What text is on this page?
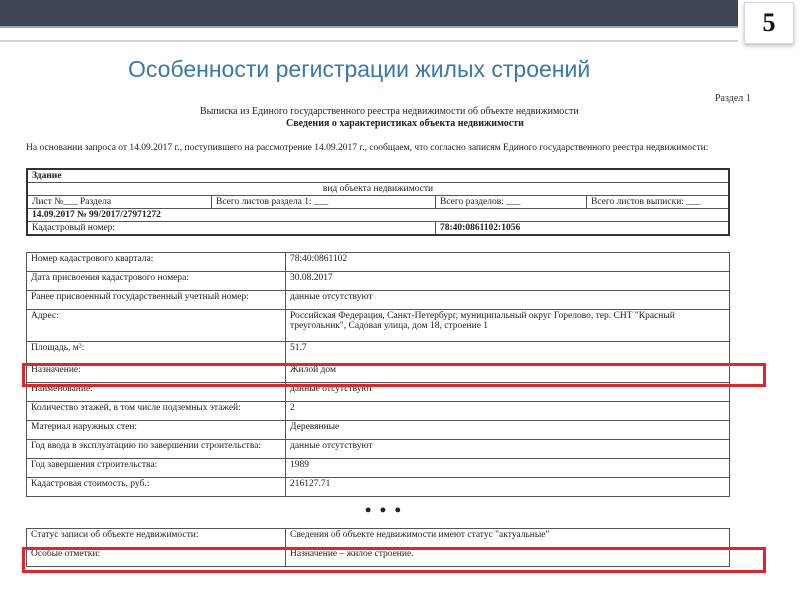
5
Особенности регистрации жилых строений
Раздел 1
Выписка из Единого государственного реестра недвижимости об объекте недвижимости
Сведения о характеристиках объекта недвижимости
На основании запроса от 14.09.2017 г., поступившего на рассмотрение 14.09.2017 г., сообщаем, что согласно записям Единого государственного реестра недвижимости:
Здание			
вид объекта недвижимости			
Лист №___ Раздела	Всего листов раздела 1: ___	Всего разделов: ___	Всего листов выписки: ___
14.09.2017 № 99/2017/27971272			
Кадастровый номер:		78:40:0861102:1056	
Номер кадастрового квартала:	78:40:0861102
Дата присвоения кадастрового номера:	30.08.2017
Ранее присвоенный государственный учетный номер:	данные отсутствуют
Адрес:	Российская Федерация, Санкт-Петербург, муниципальный округ Горелово, тер. СНТ "Красный треугольник", Садовая улица, дом 18, строение 1
Площадь, м²:	51.7
Назначение:	Жилой дом
Наименование:	данные отсутствуют
Количество этажей, в том числе подземных этажей:	2
Материал наружных стен:	Деревянные
Год ввода в эксплуатацию по завершении строительства:	данные отсутствуют
Год завершения строительства:	1989
Кадастровая стоимость, руб.:	216127.71
• • •
Статус записи об объекте недвижимости:	Сведения об объекте недвижимости имеют статус "актуальные"
Особые отметки:	Назначение – жилое строение.
